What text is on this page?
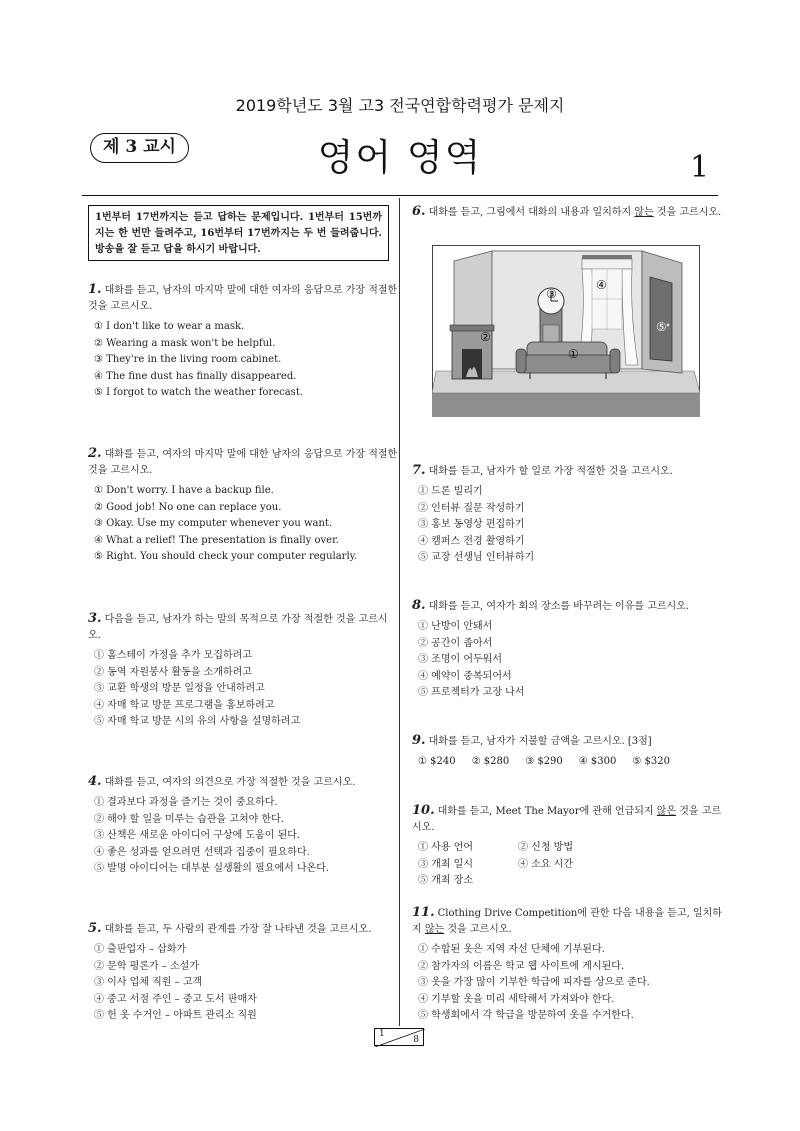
2019학년도 3월 고3 전국연합학력평가 문제지
제 3 교시	영어 영역	1
1번부터 17번까지는 듣고 답하는 문제입니다. 1번부터 15번까지는 한 번만 들려주고, 16번부터 17번까지는 두 번 들려줍니다. 방송을 잘 듣고 답을 하시기 바랍니다.
1. 대화를 듣고, 남자의 마지막 말에 대한 여자의 응답으로 가장 적절한 것을 고르시오.
① I don't like to wear a mask.
② Wearing a mask won't be helpful.
③ They're in the living room cabinet.
④ The fine dust has finally disappeared.
⑤ I forgot to watch the weather forecast.
2. 대화를 듣고, 여자의 마지막 말에 대한 남자의 응답으로 가장 적절한 것을 고르시오.
① Don't worry. I have a backup file.
② Good job! No one can replace you.
③ Okay. Use my computer whenever you want.
④ What a relief! The presentation is finally over.
⑤ Right. You should check your computer regularly.
3. 다음을 듣고, 남자가 하는 말의 목적으로 가장 적절한 것을 고르시오.
① 홈스테이 가정을 추가 모집하려고
② 동역 자원봉사 활동을 소개하려고
③ 교환 학생의 방문 일정을 안내하려고
④ 자매 학교 방문 프로그램을 홍보하려고
⑤ 자매 학교 방문 시의 유의 사항을 설명하려고
4. 대화를 듣고, 여자의 의견으로 가장 적절한 것을 고르시오.
① 결과보다 과정을 즐기는 것이 중요하다.
② 해야 할 일을 미루는 습관을 고쳐야 한다.
③ 산책은 새로운 아이디어 구상에 도움이 된다.
④ 좋은 성과를 얻으려면 선택과 집중이 필요하다.
⑤ 발명 아이디어는 대부분 실생활의 필요에서 나온다.
5. 대화를 듣고, 두 사람의 관계를 가장 잘 나타낸 것을 고르시오.
① 출판업자 – 삽화가
② 문학 평론가 – 소설가
③ 이사 업체 직원 – 고객
④ 중고 서점 주인 – 중고 도서 판매자
⑤ 헌 옷 수거인 – 아파트 관리소 직원
6. 대화를 듣고, 그림에서 대화의 내용과 일치하지 않는 것을 고르시오.
①
②
③
④
⑤
7. 대화를 듣고, 남자가 할 일로 가장 적절한 것을 고르시오.
① 드론 빌리기
② 인터뷰 질문 작성하기
③ 홍보 동영상 편집하기
④ 캠퍼스 전경 촬영하기
⑤ 교장 선생님 인터뷰하기
8. 대화를 듣고, 여자가 회의 장소를 바꾸려는 이유를 고르시오.
① 난방이 안돼서
② 공간이 좁아서
③ 조명이 어두워서
④ 예약이 중복되어서
⑤ 프로젝터가 고장 나서
9. 대화를 듣고, 남자가 지불할 금액을 고르시오. [3점]
① $240 ② $280 ③ $290 ④ $300 ⑤ $320
10. 대화를 듣고, Meet The Mayor에 관해 언급되지 않은 것을 고르시오.
① 사용 언어	② 신청 방법
③ 개최 일시	④ 소요 시간
⑤ 개최 장소
11. Clothing Drive Competition에 관한 다음 내용을 듣고, 일치하지 않는 것을 고르시오.
① 수합된 옷은 지역 자선 단체에 기부된다.
② 참가자의 이름은 학교 웹 사이트에 게시된다.
③ 옷을 가장 많이 기부한 학급에 피자를 상으로 준다.
④ 기부할 옷을 미리 세탁해서 가져와야 한다.
⑤ 학생회에서 각 학급을 방문하여 옷을 수거한다.
1
8
